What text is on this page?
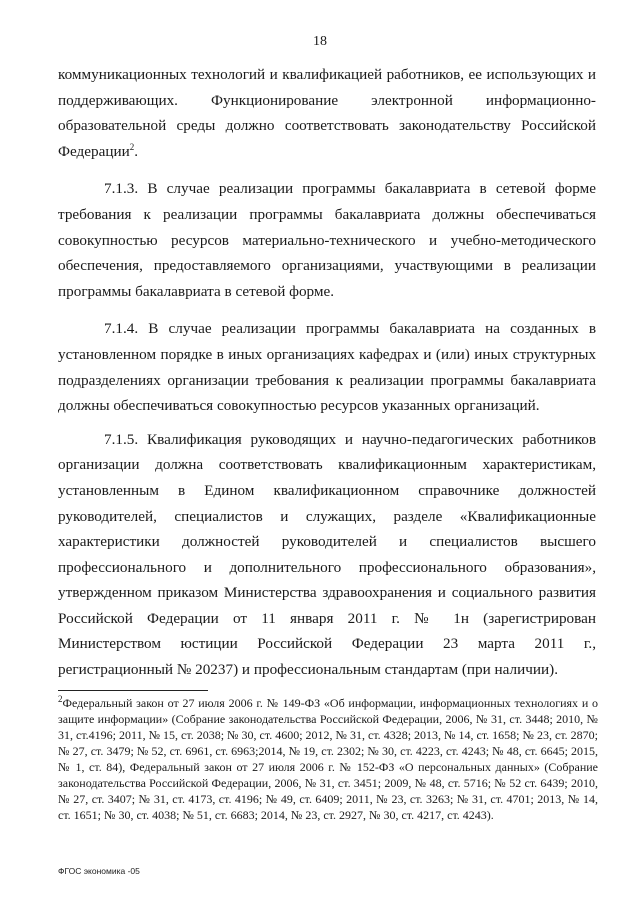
18

коммуникационных технологий и квалификацией работников, ее использующих и поддерживающих. Функционирование электронной информационно-образовательной среды должно соответствовать законодательству Российской Федерации$^2$.

7.1.3. В случае реализации программы бакалавриата в сетевой форме требования к реализации программы бакалавриата должны обеспечиваться совокупностью ресурсов материально-технического и учебно-методического обеспечения, предоставляемого организациями, участвующими в реализации программы бакалавриата в сетевой форме.

7.1.4. В случае реализации программы бакалавриата на созданных в установленном порядке в иных организациях кафедрах и (или) иных структурных подразделениях организации требования к реализации программы бакалавриата должны обеспечиваться совокупностью ресурсов указанных организаций.

7.1.5. Квалификация руководящих и научно-педагогических работников организации должна соответствовать квалификационным характеристикам, установленным в Едином квалификационном справочнике должностей руководителей, специалистов и служащих, разделе «Квалификационные характеристики должностей руководителей и специалистов высшего профессионального и дополнительного профессионального образования», утвержденном приказом Министерства здравоохранения и социального развития Российской Федерации от 11 января 2011 г. № 1н (зарегистрирован Министерством юстиции Российской Федерации 23 марта 2011 г., регистрационный № 20237) и профессиональным стандартам (при наличии).

$^2$Федеральный закон от 27 июля 2006 г. № 149-ФЗ «Об информации, информационных технологиях и о защите информации» (Собрание законодательства Российской Федерации, 2006, № 31, ст. 3448; 2010, № 31, ст.4196; 2011, № 15, ст. 2038; № 30, ст. 4600; 2012, № 31, ст. 4328; 2013, № 14, ст. 1658; № 23, ст. 2870; № 27, ст. 3479; № 52, ст. 6961, ст. 6963;2014, № 19, ст. 2302; № 30, ст. 4223, ст. 4243; № 48, ст. 6645; 2015, № 1, ст. 84), Федеральный закон от 27 июля 2006 г. № 152-ФЗ «О персональных данных» (Собрание законодательства Российской Федерации, 2006, № 31, ст. 3451; 2009, № 48, ст. 5716; № 52 ст. 6439; 2010, № 27, ст. 3407; № 31, ст. 4173, ст. 4196; № 49, ст. 6409; 2011, № 23, ст. 3263; № 31, ст. 4701; 2013, № 14, ст. 1651; № 30, ст. 4038; № 51, ст. 6683; 2014, № 23, ст. 2927, № 30, ст. 4217, ст. 4243).
ФГОС экономика -05
